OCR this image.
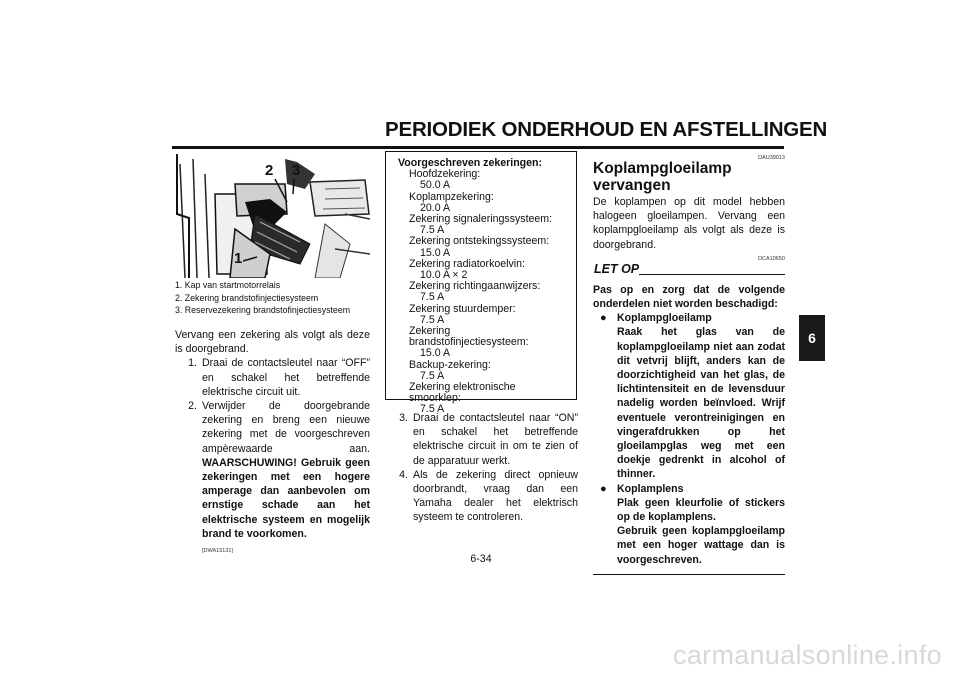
PERIODIEK ONDERHOUD EN AFSTELLINGEN
6
1
2 3
1. Kap van startmotorrelais
2. Zekering brandstofinjectiesysteem
3. Reservezekering brandstofinjectiesysteem

Vervang een zekering als volgt als deze is doorgebrand.

1. Draai de contactsleutel naar “OFF” en schakel het betreffende elektrische circuit uit.
2. Verwijder de doorgebrande zekering en breng een nieuwe zekering met de voorgeschreven ampèrewaarde aan. WAARSCHUWING! Gebruik geen zekeringen met een hogere amperage dan aanbevolen om ernstige schade aan het elektrische systeem en mogelijk brand te voorkomen.
[DWA15131]
Voorgeschreven zekeringen:
Hoofdzekering:
50.0 A
Koplampzekering:
20.0 A
Zekering signaleringssysteem:
7.5 A
Zekering ontstekingssysteem:
15.0 A
Zekering radiatorkoelvin:
10.0 A × 2
Zekering richtingaanwijzers:
7.5 A
Zekering stuurdemper:
7.5 A
Zekering brandstofinjectiesysteem:
15.0 A
Backup-zekering:
7.5 A
Zekering elektronische smoorklep:
7.5 A
3. Draai de contactsleutel naar “ON” en schakel het betreffende elektrische circuit in om te zien of de apparatuur werkt.
4. Als de zekering direct opnieuw doorbrandt, vraag dan een Yamaha dealer het elektrisch systeem te controleren.
DAU39013
Koplampgloeilamp vervangen
De koplampen op dit model hebben halogeen gloeilampen. Vervang een koplampgloeilamp als volgt als deze is doorgebrand.
DCA10650
LET OP
Pas op en zorg dat de volgende onderdelen niet worden beschadigd:
● Koplampgloeilamp
Raak het glas van de koplampgloeilamp niet aan zodat dit vetvrij blijft, anders kan de doorzichtigheid van het glas, de lichtintensiteit en de levensduur nadelig worden beïnvloed. Wrijf eventuele verontreinigingen en vingerafdrukken op het gloeilampglas weg met een doekje gedrenkt in alcohol of thinner.
● Koplamplens
Plak geen kleurfolie of stickers op de koplamplens.
Gebruik geen koplampgloeilamp met een hoger wattage dan is voorgeschreven.
6-34
carmanualsonline.info
